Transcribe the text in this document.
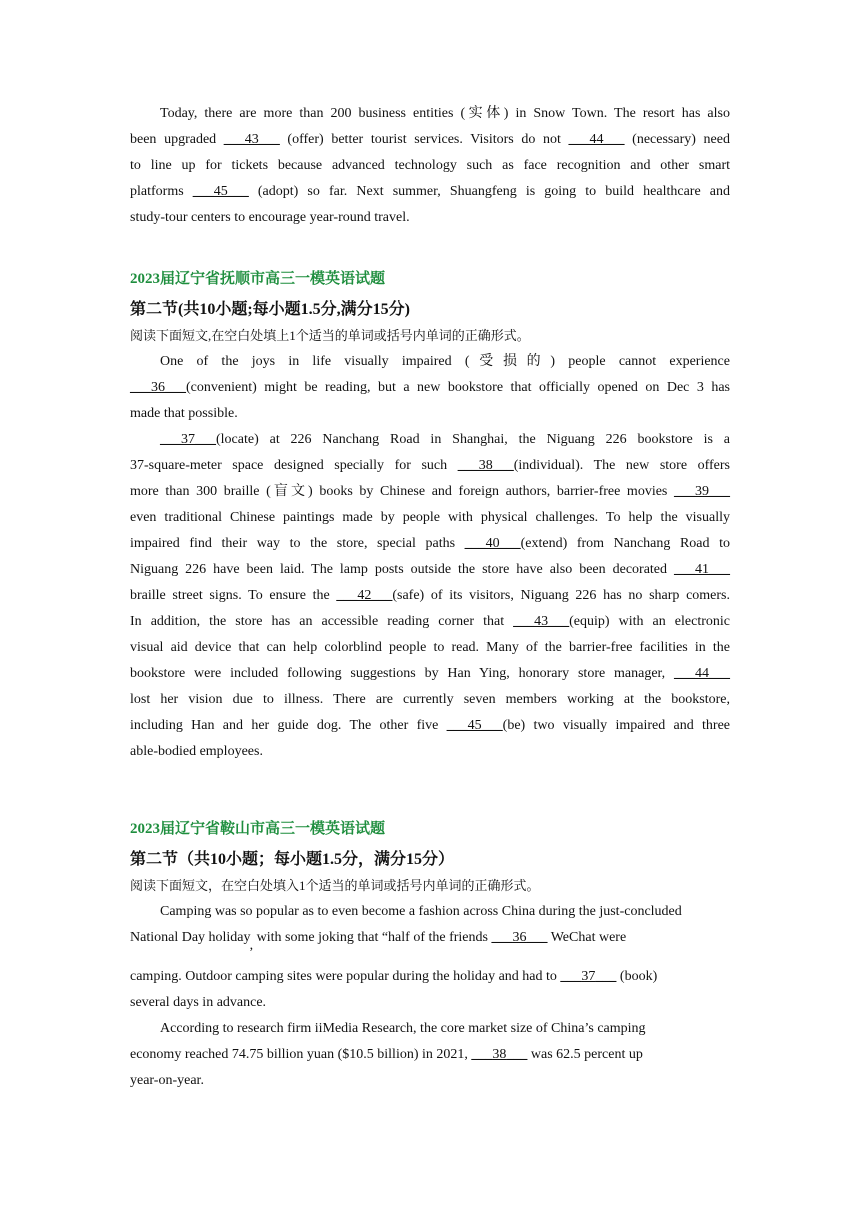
Today, there are more than 200 business entities (实体) in Snow Town. The resort has also

been upgraded ___43___ (offer) better tourist services. Visitors do not ___44___ (necessary) need

to line up for tickets because advanced technology such as face recognition and other smart

platforms ___45___ (adopt) so far. Next summer, Shuangfeng is going to build healthcare and

study-tour centers to encourage year-round travel.

2023届辽宁省抚顺市高三一模英语试题

第二节(共10小题;每小题1.5分,满分15分)

阅读下面短文,在空白处填上1个适当的单词或括号内单词的正确形式。

One of the joys in life visually impaired (受损的) people cannot experience

___36___(convenient) might be reading, but a new bookstore that officially opened on Dec 3 has

made that possible.

___37___(locate) at 226 Nanchang Road in Shanghai, the Niguang 226 bookstore is a

37-square-meter space designed specially for such ___38___(individual). The new store offers

more than 300 braille (盲文) books by Chinese and foreign authors, barrier-free movies ___39___

even traditional Chinese paintings made by people with physical challenges. To help the visually

impaired find their way to the store, special paths ___40___(extend) from Nanchang Road to

Niguang 226 have been laid. The lamp posts outside the store have also been decorated ___41___

braille street signs. To ensure the ___42___(safe) of its visitors, Niguang 226 has no sharp comers.

In addition, the store has an accessible reading corner that ___43___(equip) with an electronic

visual aid device that can help colorblind people to read. Many of the barrier-free facilities in the

bookstore were included following suggestions by Han Ying, honorary store manager, ___44___

lost her vision due to illness. There are currently seven members working at the bookstore,

including Han and her guide dog. The other five ___45___(be) two visually impaired and three

able-bodied employees.

2023届辽宁省鞍山市高三一模英语试题

第二节（共10小题；每小题1.5分，满分15分）

阅读下面短文，在空白处填入1个适当的单词或括号内单词的正确形式。

Camping was so popular as to even become a fashion across China during the just-concluded

National Day holiday, with some joking that “half of the friends ___36___ WeChat were

camping. Outdoor camping sites were popular during the holiday and had to ___37___ (book)

several days in advance.

According to research firm iiMedia Research, the core market size of China’s camping

economy reached 74.75 billion yuan ($10.5 billion) in 2021, ___38___ was 62.5 percent up

year-on-year.
